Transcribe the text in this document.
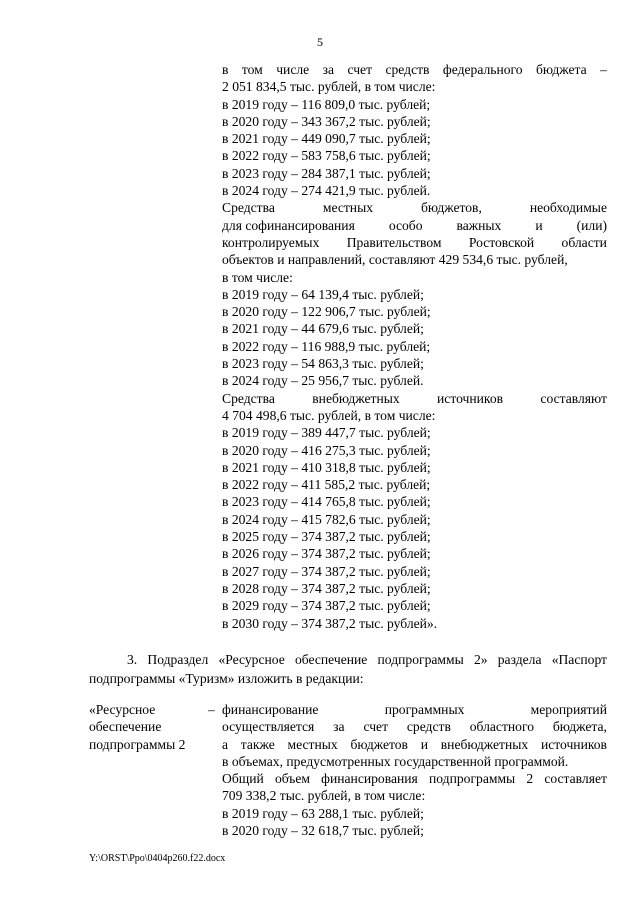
5
в том числе за счет средств федерального бюджета –
2 051 834,5 тыс. рублей, в том числе:
в 2019 году – 116 809,0 тыс. рублей;
в 2020 году – 343 367,2 тыс. рублей;
в 2021 году – 449 090,7 тыс. рублей;
в 2022 году – 583 758,6 тыс. рублей;
в 2023 году – 284 387,1 тыс. рублей;
в 2024 году – 274 421,9 тыс. рублей.
Средства	местных	бюджетов,	необходимые
для софинансирования особо важных и (или)
контролируемых Правительством Ростовской области
объектов и направлений, составляют 429 534,6 тыс. рублей,
в том числе:
в 2019 году – 64 139,4 тыс. рублей;
в 2020 году – 122 906,7 тыс. рублей;
в 2021 году – 44 679,6 тыс. рублей;
в 2022 году – 116 988,9 тыс. рублей;
в 2023 году – 54 863,3 тыс. рублей;
в 2024 году – 25 956,7 тыс. рублей.
Средства	внебюджетных	источников	составляют
4 704 498,6 тыс. рублей, в том числе:
в 2019 году – 389 447,7 тыс. рублей;
в 2020 году – 416 275,3 тыс. рублей;
в 2021 году – 410 318,8 тыс. рублей;
в 2022 году – 411 585,2 тыс. рублей;
в 2023 году – 414 765,8 тыс. рублей;
в 2024 году – 415 782,6 тыс. рублей;
в 2025 году – 374 387,2 тыс. рублей;
в 2026 году – 374 387,2 тыс. рублей;
в 2027 году – 374 387,2 тыс. рублей;
в 2028 году – 374 387,2 тыс. рублей;
в 2029 году – 374 387,2 тыс. рублей;
в 2030 году – 374 387,2 тыс. рублей».
3. Подраздел «Ресурсное обеспечение подпрограммы 2» раздела «Паспорт
подпрограммы «Туризм» изложить в редакции:
«Ресурсное
обеспечение
подпрограммы 2
– финансирование	программных	мероприятий
осуществляется за счет средств областного бюджета,
а также местных бюджетов и внебюджетных источников
в объемах, предусмотренных государственной программой.
Общий объем финансирования подпрограммы 2 составляет
709 338,2 тыс. рублей, в том числе:
в 2019 году – 63 288,1 тыс. рублей;
в 2020 году – 32 618,7 тыс. рублей;
Y:\ORST\Ppo\0404p260.f22.docx
